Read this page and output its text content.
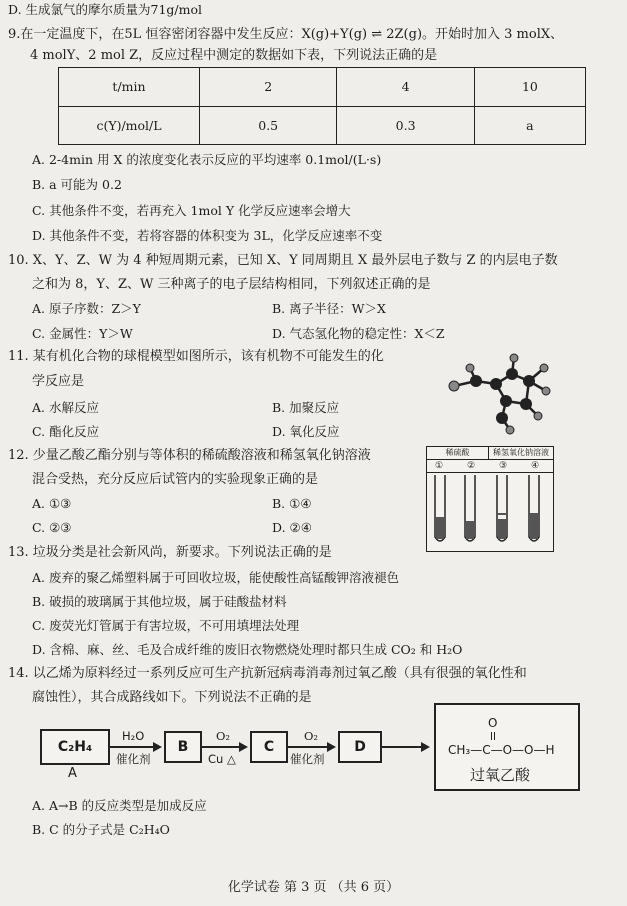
D. 生成氯气的摩尔质量为71g/mol
9.在一定温度下，在5L 恒容密闭容器中发生反应：X(g)+Y(g) ⇌ 2Z(g)。开始时加入 3 molX、
4 molY、2 mol Z，反应过程中测定的数据如下表，下列说法正确的是
t/min	2	4	10
c(Y)/mol/L	0.5	0.3	a
A. 2-4min 用 X 的浓度变化表示反应的平均速率 0.1mol/(L·s)
B. a 可能为 0.2
C. 其他条件不变，若再充入 1mol Y 化学反应速率会增大
D. 其他条件不变，若将容器的体积变为 3L，化学反应速率不变
10. X、Y、Z、W 为 4 种短周期元素，已知 X、Y 同周期且 X 最外层电子数与 Z 的内层电子数
之和为 8，Y、Z、W 三种离子的电子层结构相同，下列叙述正确的是
A. 原子序数：Z＞Y	B. 离子半径：W＞X
C. 金属性：Y＞W	D. 气态氢化物的稳定性：X＜Z
11. 某有机化合物的球棍模型如图所示，该有机物不可能发生的化
学反应是
A. 水解反应	B. 加聚反应
C. 酯化反应	D. 氧化反应
12. 少量乙酸乙酯分别与等体积的稀硫酸溶液和稀氢氧化钠溶液
混合受热，充分反应后试管内的实验现象正确的是
A. ①③	B. ①④
C. ②③	D. ②④
稀硫酸	稀氢氧化钠溶液
①	②	③	④
13. 垃圾分类是社会新风尚，新要求。下列说法正确的是
A. 废弃的聚乙烯塑料属于可回收垃圾，能使酸性高锰酸钾溶液褪色
B. 破损的玻璃属于其他垃圾，属于硅酸盐材料
C. 废荧光灯管属于有害垃圾，不可用填埋法处理
D. 含棉、麻、丝、毛及合成纤维的废旧衣物燃烧处理时都只生成 CO₂ 和 H₂O
14. 以乙烯为原料经过一系列反应可生产抗新冠病毒消毒剂过氧乙酸（具有很强的氧化性和
腐蚀性），其合成路线如下。下列说法不正确的是
C₂H₄
A
H₂O
催化剂
B
O₂
Cu △
C
O₂
催化剂
D
O
CH₃—C—O—O—H
过氧乙酸
A. A→B 的反应类型是加成反应
B. C 的分子式是 C₂H₄O
化学试卷 第 3 页 （共 6 页）
